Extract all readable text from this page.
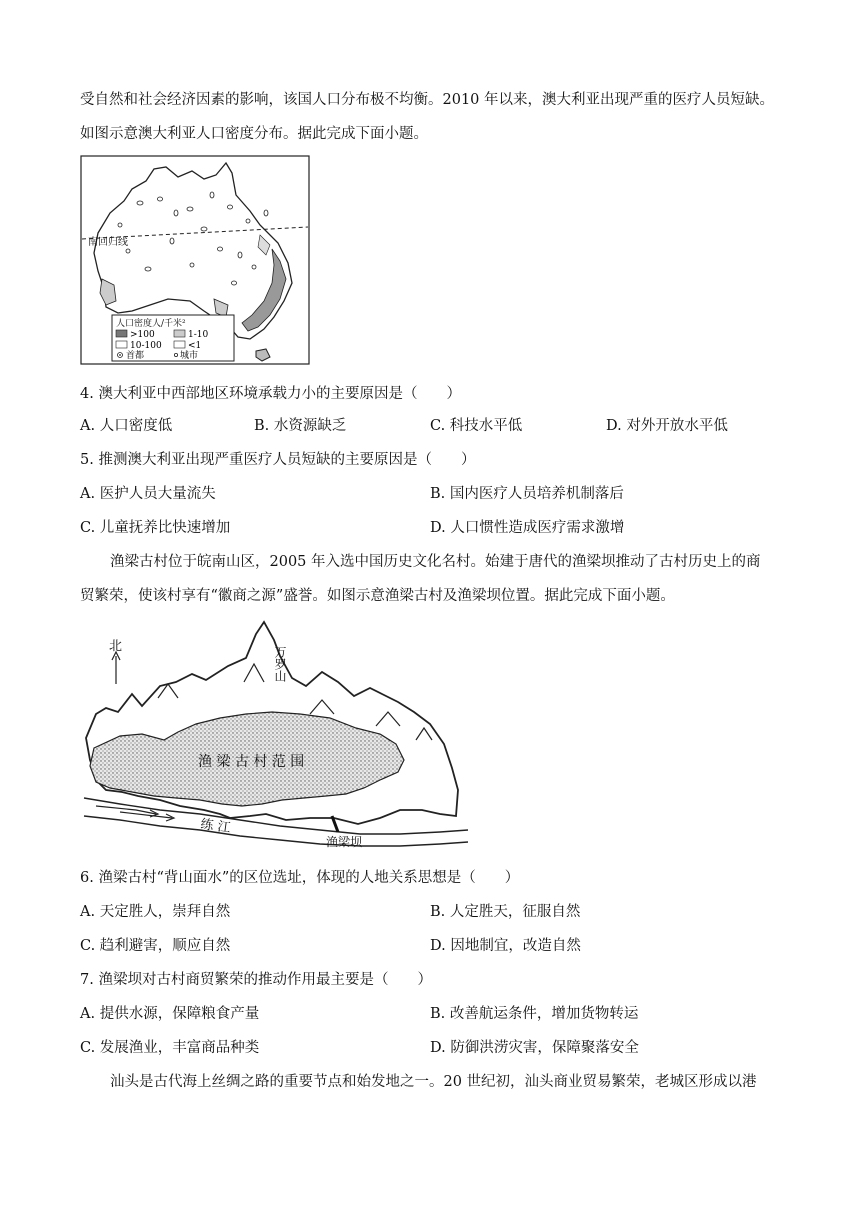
受自然和社会经济因素的影响，该国人口分布极不均衡。2010 年以来，澳大利亚出现严重的医疗人员短缺。
如图示意澳大利亚人口密度分布。据此完成下面小题。
南回归线
人口密度人/千米²
>100	1-10
10-100	<1
首都	城市
4. 澳大利亚中西部地区环境承载力小的主要原因是（　　）
A. 人口密度低	B. 水资源缺乏	C. 科技水平低	D. 对外开放水平低
5. 推测澳大利亚出现严重医疗人员短缺的主要原因是（　　）
A. 医护人员大量流失	B. 国内医疗人员培养机制落后
C. 儿童抚养比快速增加	D. 人口惯性造成医疗需求激增
渔梁古村位于皖南山区，2005 年入选中国历史文化名村。始建于唐代的渔梁坝推动了古村历史上的商
贸繁荣，使该村享有“徽商之源”盛誉。如图示意渔梁古村及渔梁坝位置。据此完成下面小题。
北	万罗山
渔 梁 古 村 范 围
练 江
渔梁坝
6. 渔梁古村“背山面水”的区位选址，体现的人地关系思想是（　　）
A. 天定胜人，崇拜自然	B. 人定胜天，征服自然
C. 趋利避害，顺应自然	D. 因地制宜，改造自然
7. 渔梁坝对古村商贸繁荣的推动作用最主要是（　　）
A. 提供水源，保障粮食产量	B. 改善航运条件，增加货物转运
C. 发展渔业，丰富商品种类	D. 防御洪涝灾害，保障聚落安全
汕头是古代海上丝绸之路的重要节点和始发地之一。20 世纪初，汕头商业贸易繁荣，老城区形成以港
